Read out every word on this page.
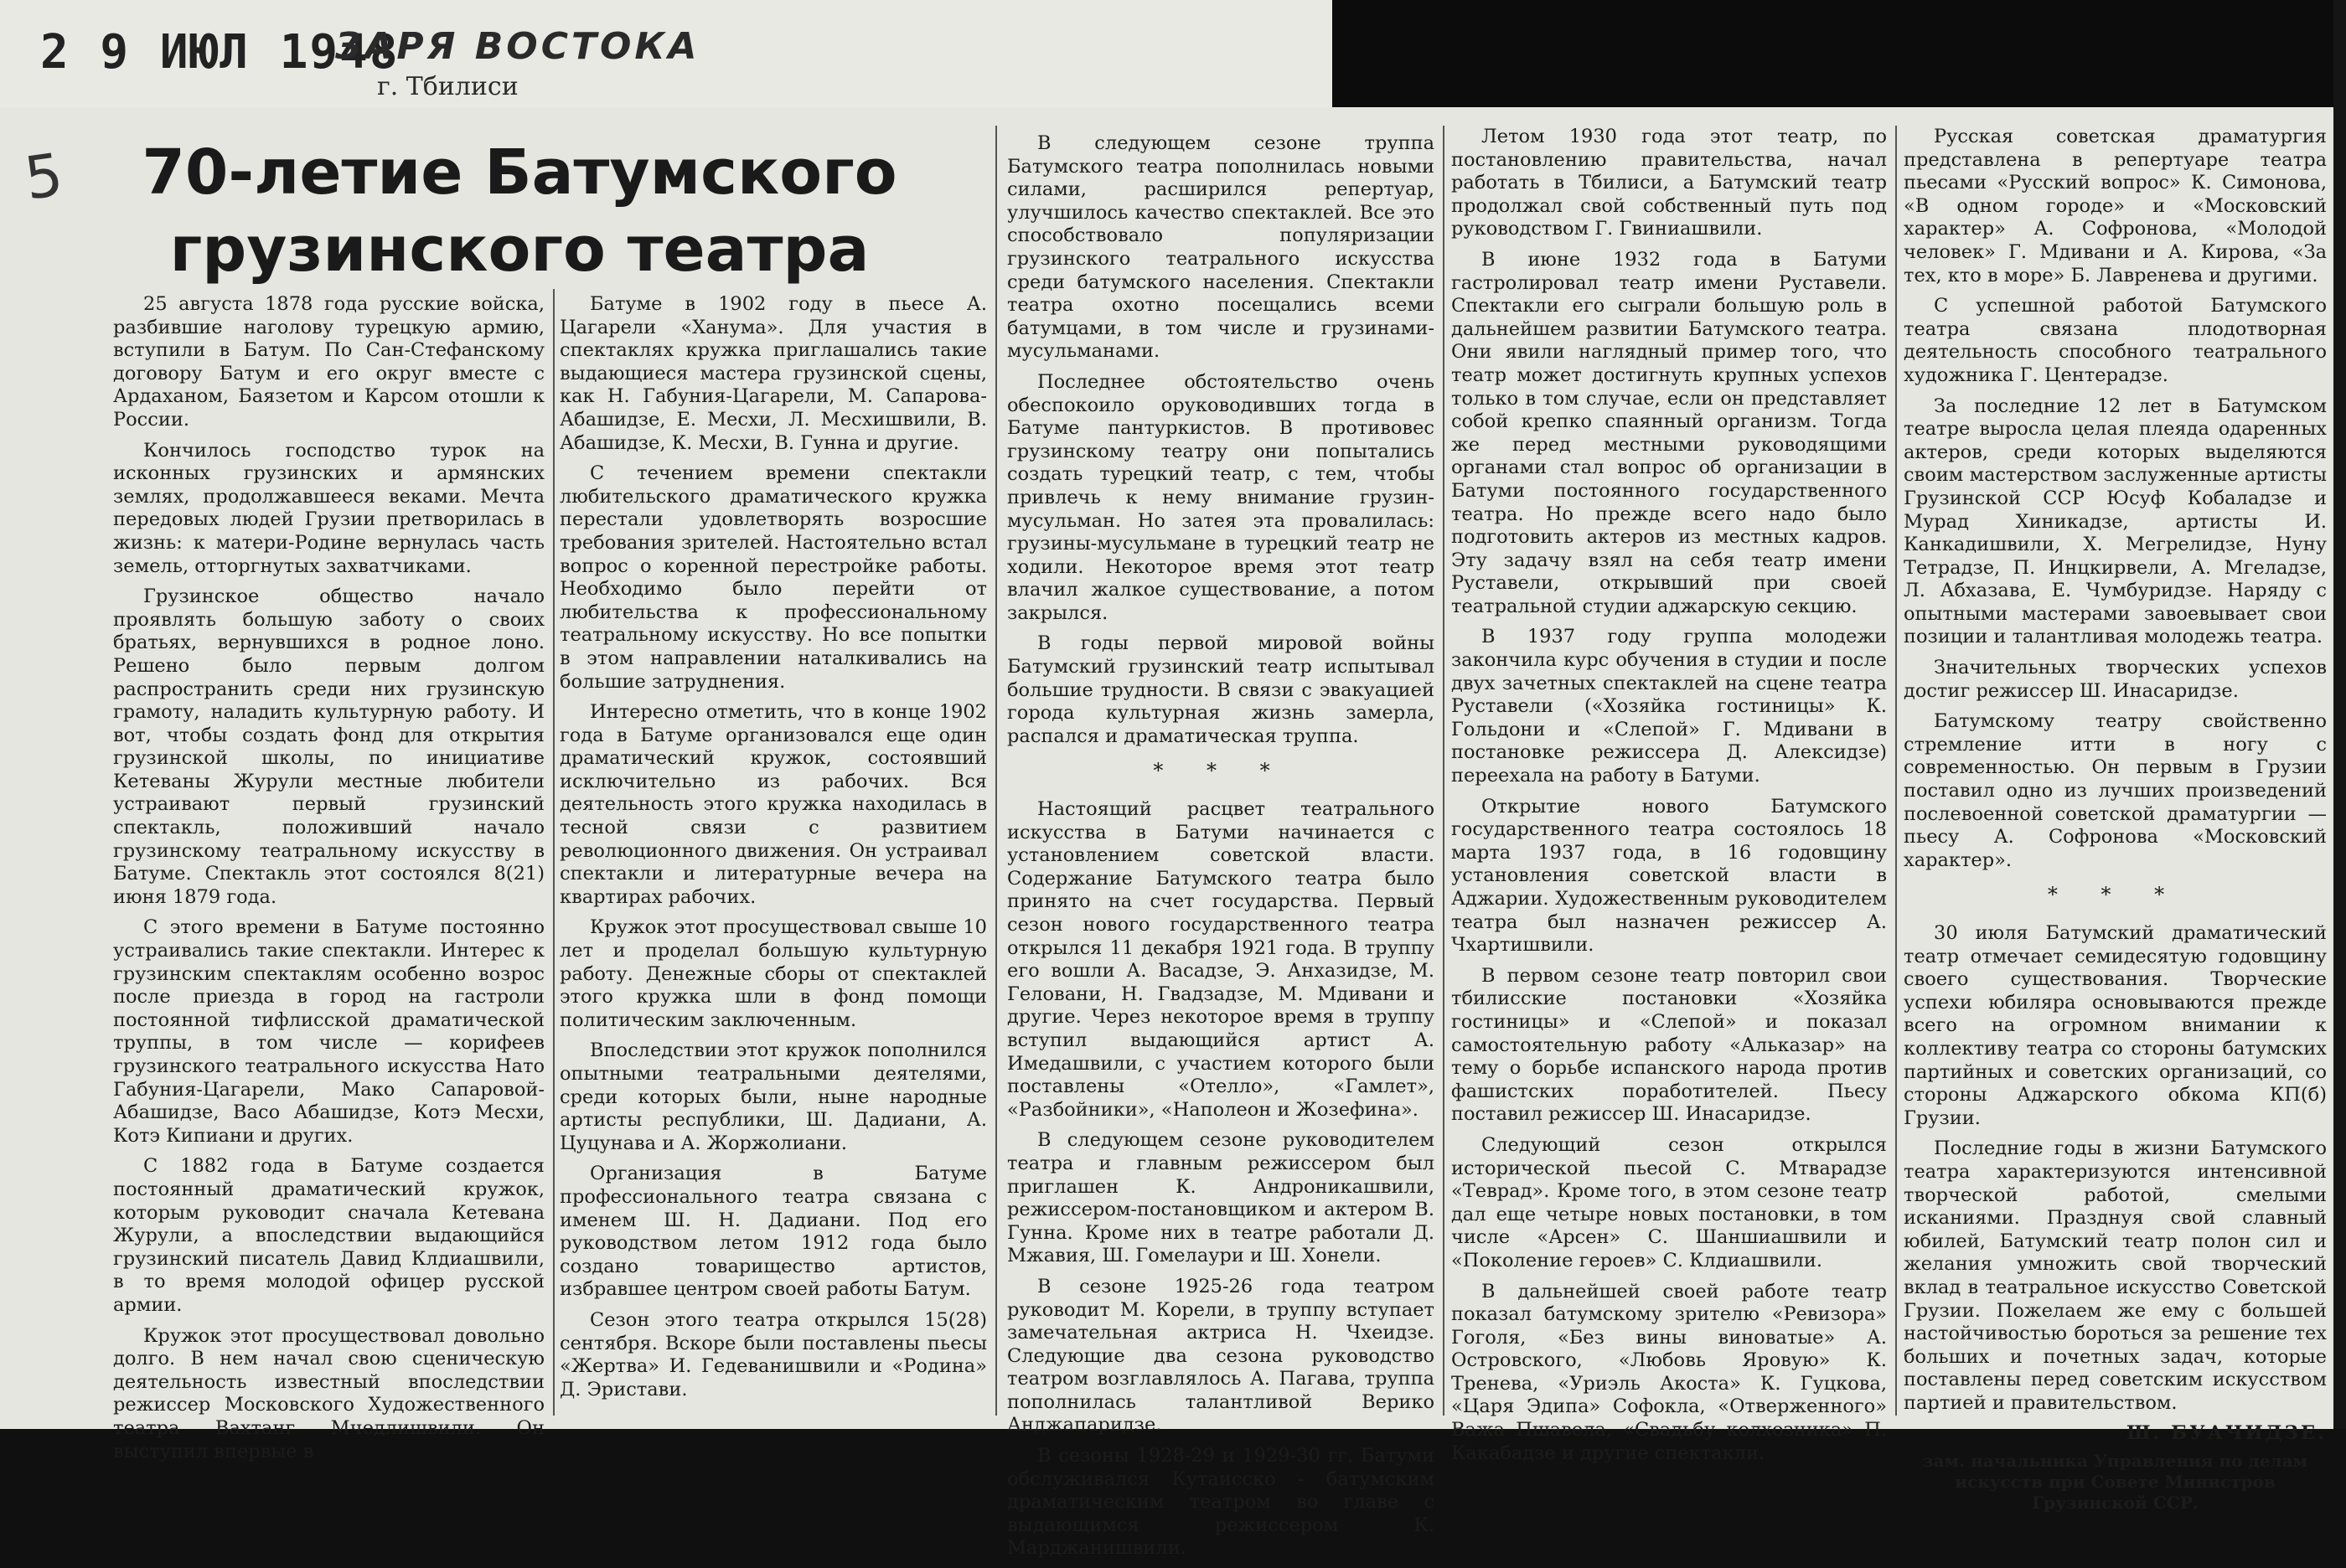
2 9 ИЮЛ 1948
ЗАРЯ ВОСТОКА
г. Тбилиси
5	70-летие Батумского
грузинского театра

25 августа 1878 года русские войска, разбившие наголову турецкую армию, вступили в Батум. По Сан-Стефанскому договору Батум и его округ вместе с Ардаханом, Баязетом и Карсом отошли к России.

Кончилось господство турок на исконных грузинских и армянских землях, продолжавшееся веками. Мечта передовых людей Грузии претворилась в жизнь: к матери-Родине вернулась часть земель, отторгнутых захватчиками.

Грузинское общество начало проявлять большую заботу о своих братьях, вернувшихся в родное лоно. Решено было первым долгом распространить среди них грузинскую грамоту, наладить культурную работу. И вот, чтобы создать фонд для открытия грузинской школы, по инициативе Кетеваны Журули местные любители устраивают первый грузинский спектакль, положивший начало грузинскому театральному искусству в Батуме. Спектакль этот состоялся 8(21) июня 1879 года.

С этого времени в Батуме постоянно устраивались такие спектакли. Интерес к грузинским спектаклям особенно возрос после приезда в город на гастроли постоянной тифлисской драматической труппы, в том числе — корифеев грузинского театрального искусства Нато Габуния-Цагарели, Мако Сапаровой-Абашидзе, Васо Абашидзе, Котэ Месхи, Котэ Кипиани и других.

С 1882 года в Батуме создается постоянный драматический кружок, которым руководит сначала Кетевана Журули, а впоследствии выдающийся грузинский писатель Давид Клдиашвили, в то время молодой офицер русской армии.

Кружок этот просуществовал довольно долго. В нем начал свою сценическую деятельность известный впоследствии режиссер Московского Художественного театра Вахтанг Мчедлишвили. Он выступил впервые в

Батуме в 1902 году в пьесе А. Цагарели «Ханума». Для участия в спектаклях кружка приглашались такие выдающиеся мастера грузинской сцены, как Н. Габуния-Цагарели, М. Сапарова-Абашидзе, Е. Месхи, Л. Месхишвили, В. Абашидзе, К. Месхи, В. Гунна и другие.

С течением времени спектакли любительского драматического кружка перестали удовлетворять возросшие требования зрителей. Настоятельно встал вопрос о коренной перестройке работы. Необходимо было перейти от любительства к профессиональному театральному искусству. Но все попытки в этом направлении наталкивались на большие затруднения.

Интересно отметить, что в конце 1902 года в Батуме организовался еще один драматический кружок, состоявший исключительно из рабочих. Вся деятельность этого кружка находилась в тесной связи с развитием революционного движения. Он устраивал спектакли и литературные вечера на квартирах рабочих.

Кружок этот просуществовал свыше 10 лет и проделал большую культурную работу. Денежные сборы от спектаклей этого кружка шли в фонд помощи политическим заключенным.

Впоследствии этот кружок пополнился опытными театральными деятелями, среди которых были, ныне народные артисты республики, Ш. Дадиани, А. Цуцунава и А. Жоржолиани.

Организация в Батуме профессионального театра связана с именем Ш. Н. Дадиани. Под его руководством летом 1912 года было создано товарищество артистов, избравшее центром своей работы Батум.

Сезон этого театра открылся 15(28) сентября. Вскоре были поставлены пьесы «Жертва» И. Гедеванишвили и «Родина» Д. Эристави.

В следующем сезоне труппа Батумского театра пополнилась новыми силами, расширился репертуар, улучшилось качество спектаклей. Все это способствовало популяризации грузинского театрального искусства среди батумского населения. Спектакли театра охотно посещались всеми батумцами, в том числе и грузинами-мусульманами.

Последнее обстоятельство очень обеспокоило оруководивших тогда в Батуме пантуркистов. В противовес грузинскому театру они попытались создать турецкий театр, с тем, чтобы привлечь к нему внимание грузин-мусульман. Но затея эта провалилась: грузины-мусульмане в турецкий театр не ходили. Некоторое время этот театр влачил жалкое существование, а потом закрылся.

В годы первой мировой войны Батумский грузинский театр испытывал большие трудности. В связи с эвакуацией города культурная жизнь замерла, распался и драматическая труппа.

* * *

Настоящий расцвет театрального искусства в Батуми начинается с установлением советской власти. Содержание Батумского театра было принято на счет государства. Первый сезон нового государственного театра открылся 11 декабря 1921 года. В труппу его вошли А. Васадзе, Э. Анхазидзе, М. Геловани, Н. Гвадзадзе, М. Мдивани и другие. Через некоторое время в труппу вступил выдающийся артист А. Имедашвили, с участием которого были поставлены «Отелло», «Гамлет», «Разбойники», «Наполеон и Жозефина».

В следующем сезоне руководителем театра и главным режиссером был приглашен К. Андроникашвили, режиссером-постановщиком и актером В. Гунна. Кроме них в театре работали Д. Мжавия, Ш. Гомелаури и Ш. Хонели.

В сезоне 1925-26 года театром руководит М. Корели, в труппу вступает замечательная актриса Н. Чхеидзе. Следующие два сезона руководство театром возглавлялось А. Пагава, труппа пополнилась талантливой Верико Анджапаридзе.

В сезоны 1928-29 и 1929-30 гг. Батуми обслуживался Кутаисско - батумским драматическим театром во главе с выдающимся режиссером К. Марджанишвили.

Летом 1930 года этот театр, по постановлению правительства, начал работать в Тбилиси, а Батумский театр продолжал свой собственный путь под руководством Г. Гвиниашвили.

В июне 1932 года в Батуми гастролировал театр имени Руставели. Спектакли его сыграли большую роль в дальнейшем развитии Батумского театра. Они явили наглядный пример того, что театр может достигнуть крупных успехов только в том случае, если он представляет собой крепко спаянный организм. Тогда же перед местными руководящими органами стал вопрос об организации в Батуми постоянного государственного театра. Но прежде всего надо было подготовить актеров из местных кадров. Эту задачу взял на себя театр имени Руставели, открывший при своей театральной студии аджарскую секцию.

В 1937 году группа молодежи закончила курс обучения в студии и после двух зачетных спектаклей на сцене театра Руставели («Хозяйка гостиницы» К. Гольдони и «Слепой» Г. Мдивани в постановке режиссера Д. Алексидзе) переехала на работу в Батуми.

Открытие нового Батумского государственного театра состоялось 18 марта 1937 года, в 16 годовщину установления советской власти в Аджарии. Художественным руководителем театра был назначен режиссер А. Чхартишвили.

В первом сезоне театр повторил свои тбилисские постановки «Хозяйка гостиницы» и «Слепой» и показал самостоятельную работу «Альказар» на тему о борьбе испанского народа против фашистских поработителей. Пьесу поставил режиссер Ш. Инасаридзе.

Следующий сезон открылся исторической пьесой С. Мтварадзе «Теврад». Кроме того, в этом сезоне театр дал еще четыре новых постановки, в том числе «Арсен» С. Шаншиашвили и «Поколение героев» С. Клдиашвили.

В дальнейшей своей работе театр показал батумскому зрителю «Ревизора» Гоголя, «Без вины виноватые» А. Островского, «Любовь Яровую» К. Тренева, «Уриэль Акоста» К. Гуцкова, «Царя Эдипа» Софокла, «Отверженного» Важа Пшавела, «Свадьбу колхозника» П. Какабадзе и другие спектакли.

Русская советская драматургия представлена в репертуаре театра пьесами «Русский вопрос» К. Симонова, «В одном городе» и «Московский характер» А. Софронова, «Молодой человек» Г. Мдивани и А. Кирова, «За тех, кто в море» Б. Лавренева и другими.

С успешной работой Батумского театра связана плодотворная деятельность способного театрального художника Г. Центерадзе.

За последние 12 лет в Батумском театре выросла целая плеяда одаренных актеров, среди которых выделяются своим мастерством заслуженные артисты Грузинской ССР Юсуф Кобаладзе и Мурад Хиникадзе, артисты И. Канкадишвили, Х. Мегрелидзе, Нуну Тетрадзе, П. Инцкирвели, А. Мгеладзе, Л. Абхазава, Е. Чумбуридзе. Наряду с опытными мастерами завоевывает свои позиции и талантливая молодежь театра.

Значительных творческих успехов достиг режиссер Ш. Инасаридзе.

Батумскому театру свойственно стремление итти в ногу с современностью. Он первым в Грузии поставил одно из лучших произведений послевоенной советской драматургии — пьесу А. Софронова «Московский характер».

* * *

30 июля Батумский драматический театр отмечает семидесятую годовщину своего существования. Творческие успехи юбиляра основываются прежде всего на огромном внимании к коллективу театра со стороны батумских партийных и советских организаций, со стороны Аджарского обкома КП(б) Грузии.

Последние годы в жизни Батумского театра характеризуются интенсивной творческой работой, смелыми исканиями. Празднуя свой славный юбилей, Батумский театр полон сил и желания умножить свой творческий вклад в театральное искусство Советской Грузии. Пожелаем же ему с большей настойчивостью бороться за решение тех больших и почетных задач, которые поставлены перед советским искусством партией и правительством.

Ш. БУАЧИДЗЕ.
зам. начальника Управления по делам искусств при Совете Министров Грузинской ССР.
